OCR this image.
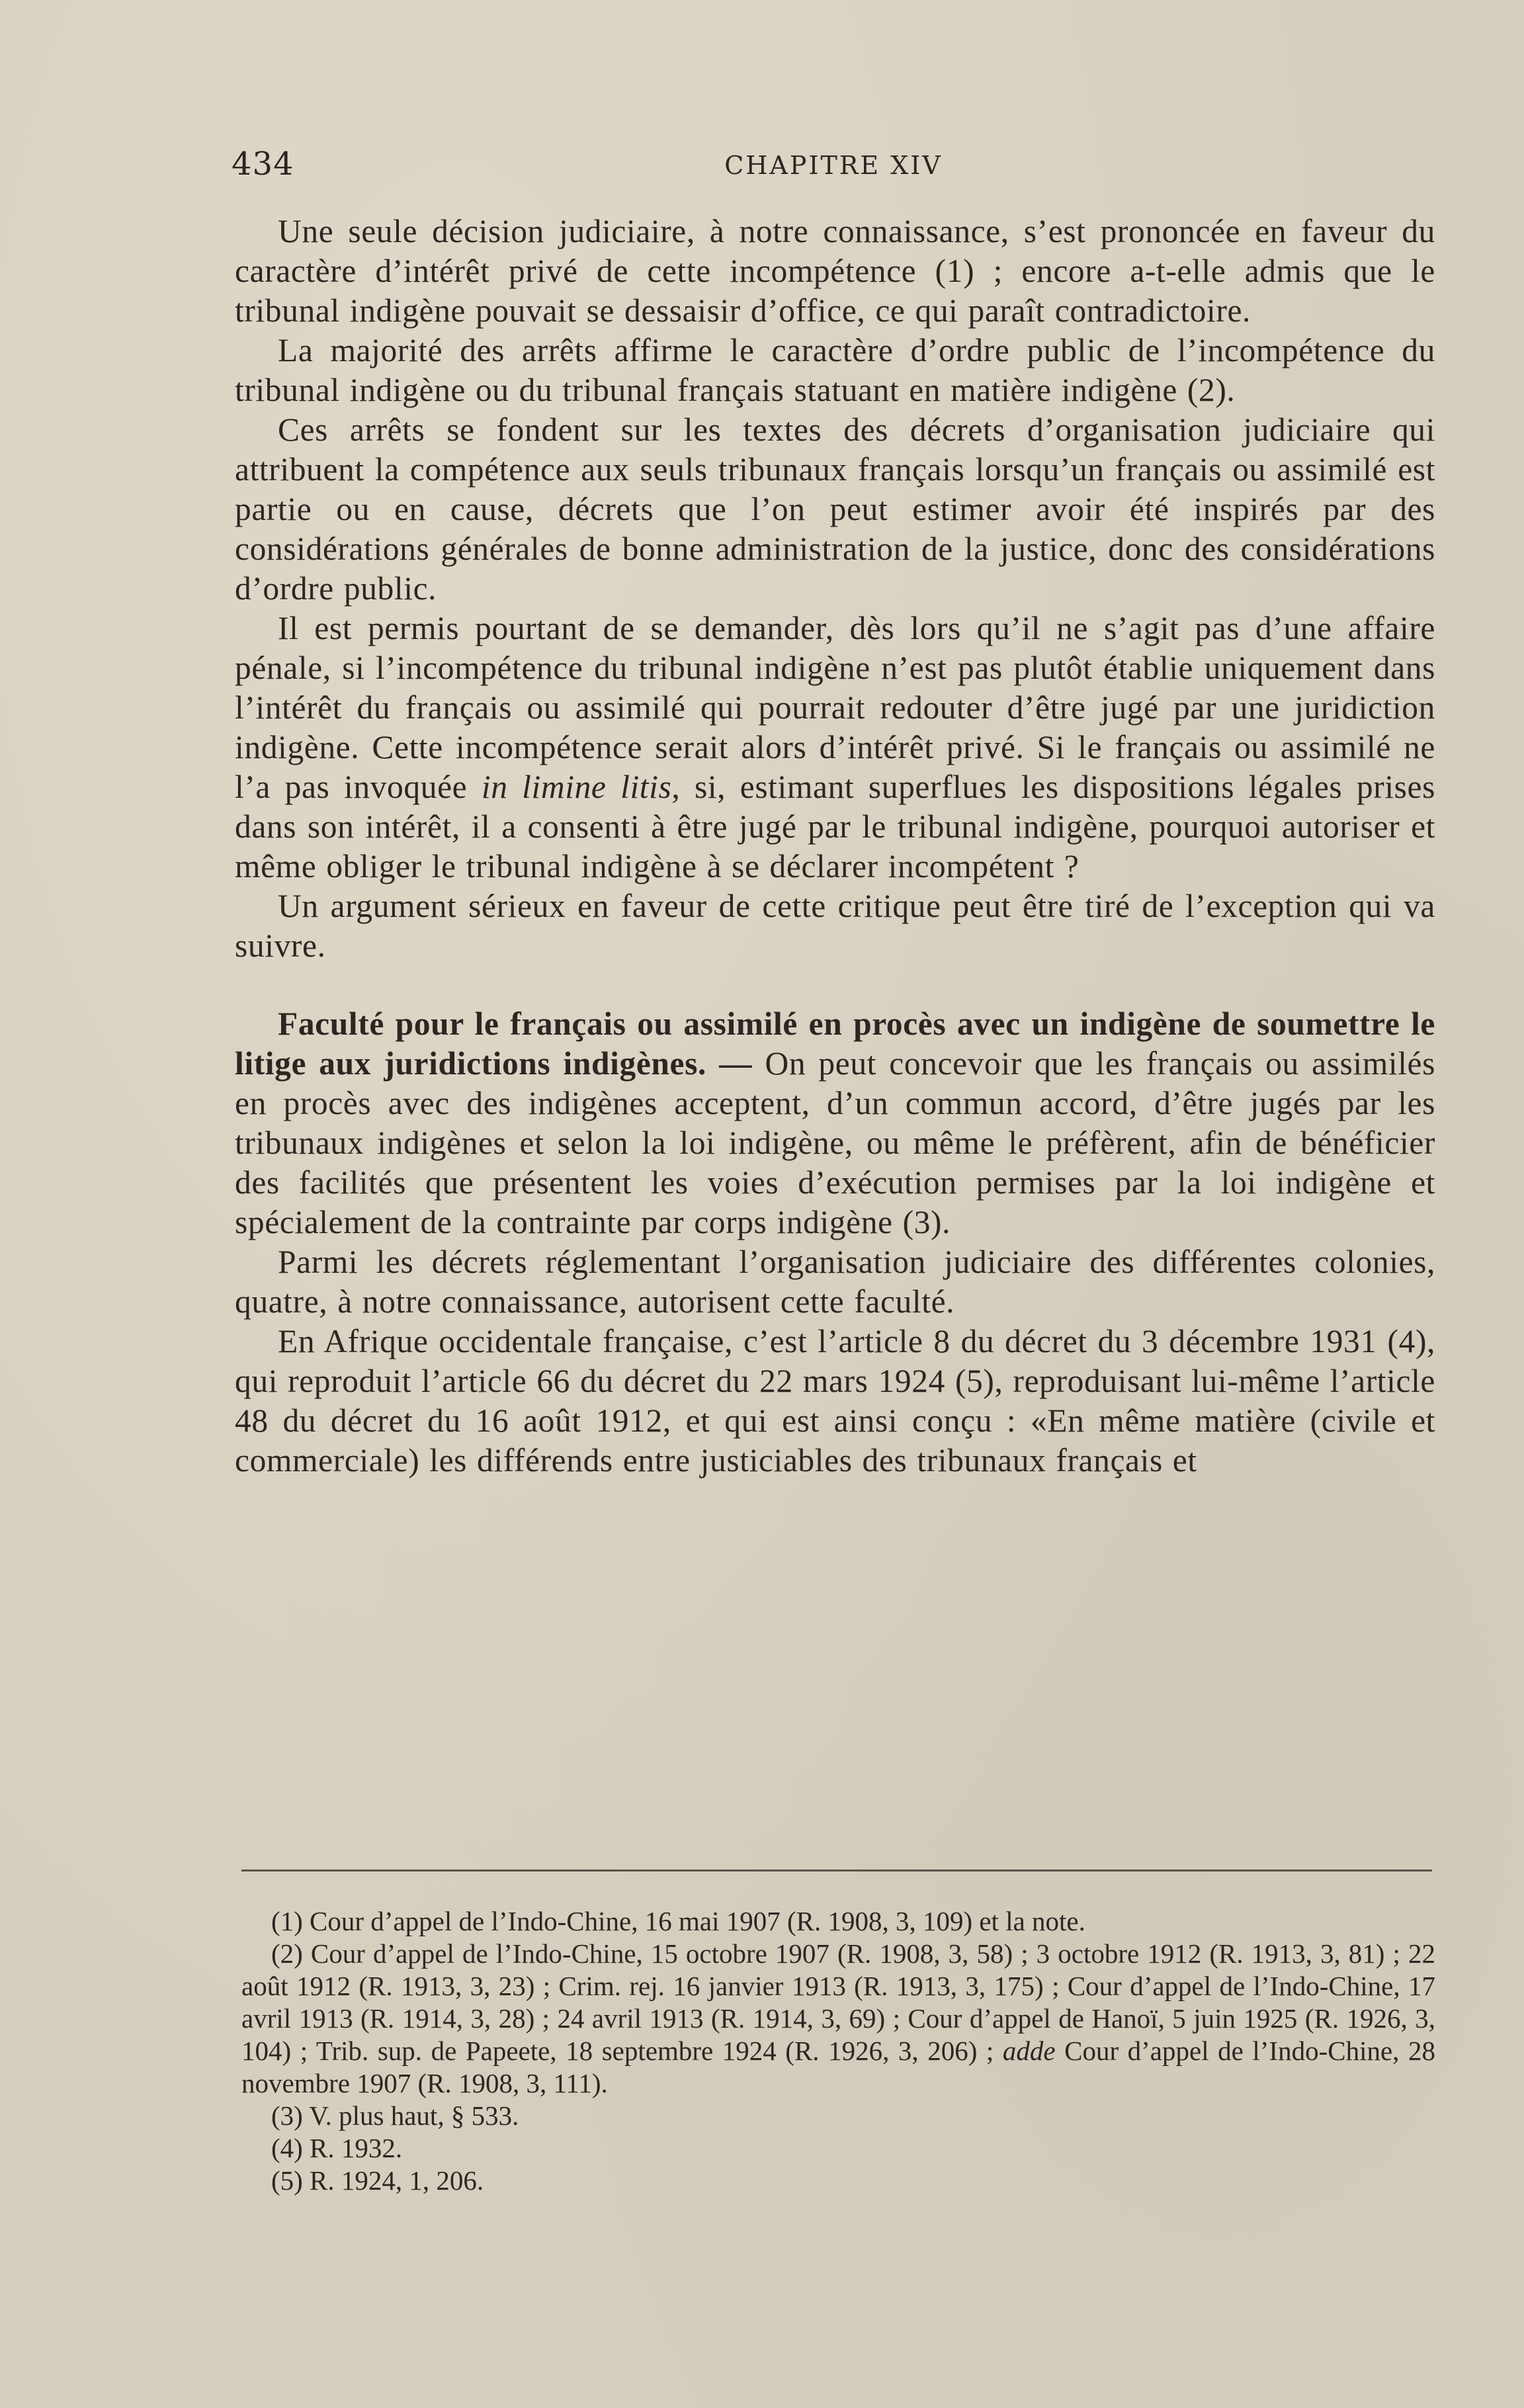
434	CHAPITRE XIV

Une seule décision judiciaire, à notre connaissance, s’est prononcée en faveur du caractère d’intérêt privé de cette incompétence (1) ; encore a-t-elle admis que le tribunal indigène pouvait se dessaisir d’office, ce qui paraît contradictoire.

La majorité des arrêts affirme le caractère d’ordre public de l’incompétence du tribunal indigène ou du tribunal français statuant en matière indigène (2).

Ces arrêts se fondent sur les textes des décrets d’organisation judiciaire qui attribuent la compétence aux seuls tribunaux français lorsqu’un français ou assimilé est partie ou en cause, décrets que l’on peut estimer avoir été inspirés par des considérations générales de bonne administration de la justice, donc des considérations d’ordre public.

Il est permis pourtant de se demander, dès lors qu’il ne s’agit pas d’une affaire pénale, si l’incompétence du tribunal indigène n’est pas plutôt établie uniquement dans l’intérêt du français ou assimilé qui pourrait redouter d’être jugé par une juridiction indigène. Cette incompétence serait alors d’intérêt privé. Si le français ou assimilé ne l’a pas invoquée in limine litis, si, estimant superflues les dispositions légales prises dans son intérêt, il a consenti à être jugé par le tribunal indigène, pourquoi autoriser et même obliger le tribunal indigène à se déclarer incompétent ?

Un argument sérieux en faveur de cette critique peut être tiré de l’exception qui va suivre.

Faculté pour le français ou assimilé en procès avec un indigène de soumettre le litige aux juridictions indigènes. — On peut concevoir que les français ou assimilés en procès avec des indigènes acceptent, d’un commun accord, d’être jugés par les tribunaux indigènes et selon la loi indigène, ou même le préfèrent, afin de bénéficier des facilités que présentent les voies d’exécution permises par la loi indigène et spécialement de la contrainte par corps indigène (3).

Parmi les décrets réglementant l’organisation judiciaire des différentes colonies, quatre, à notre connaissance, autorisent cette faculté.

En Afrique occidentale française, c’est l’article 8 du décret du 3 décembre 1931 (4), qui reproduit l’article 66 du décret du 22 mars 1924 (5), reproduisant lui-même l’article 48 du décret du 16 août 1912, et qui est ainsi conçu : «En même matière (civile et commerciale) les différends entre justiciables des tribunaux français et

(1) Cour d’appel de l’Indo-Chine, 16 mai 1907 (R. 1908, 3, 109) et la note.

(2) Cour d’appel de l’Indo-Chine, 15 octobre 1907 (R. 1908, 3, 58) ; 3 octobre 1912 (R. 1913, 3, 81) ; 22 août 1912 (R. 1913, 3, 23) ; Crim. rej. 16 janvier 1913 (R. 1913, 3, 175) ; Cour d’appel de l’Indo-Chine, 17 avril 1913 (R. 1914, 3, 28) ; 24 avril 1913 (R. 1914, 3, 69) ; Cour d’appel de Hanoï, 5 juin 1925 (R. 1926, 3, 104) ; Trib. sup. de Papeete, 18 septembre 1924 (R. 1926, 3, 206) ; adde Cour d’appel de l’Indo-Chine, 28 novembre 1907 (R. 1908, 3, 111).

(3) V. plus haut, § 533.

(4) R. 1932.

(5) R. 1924, 1, 206.
